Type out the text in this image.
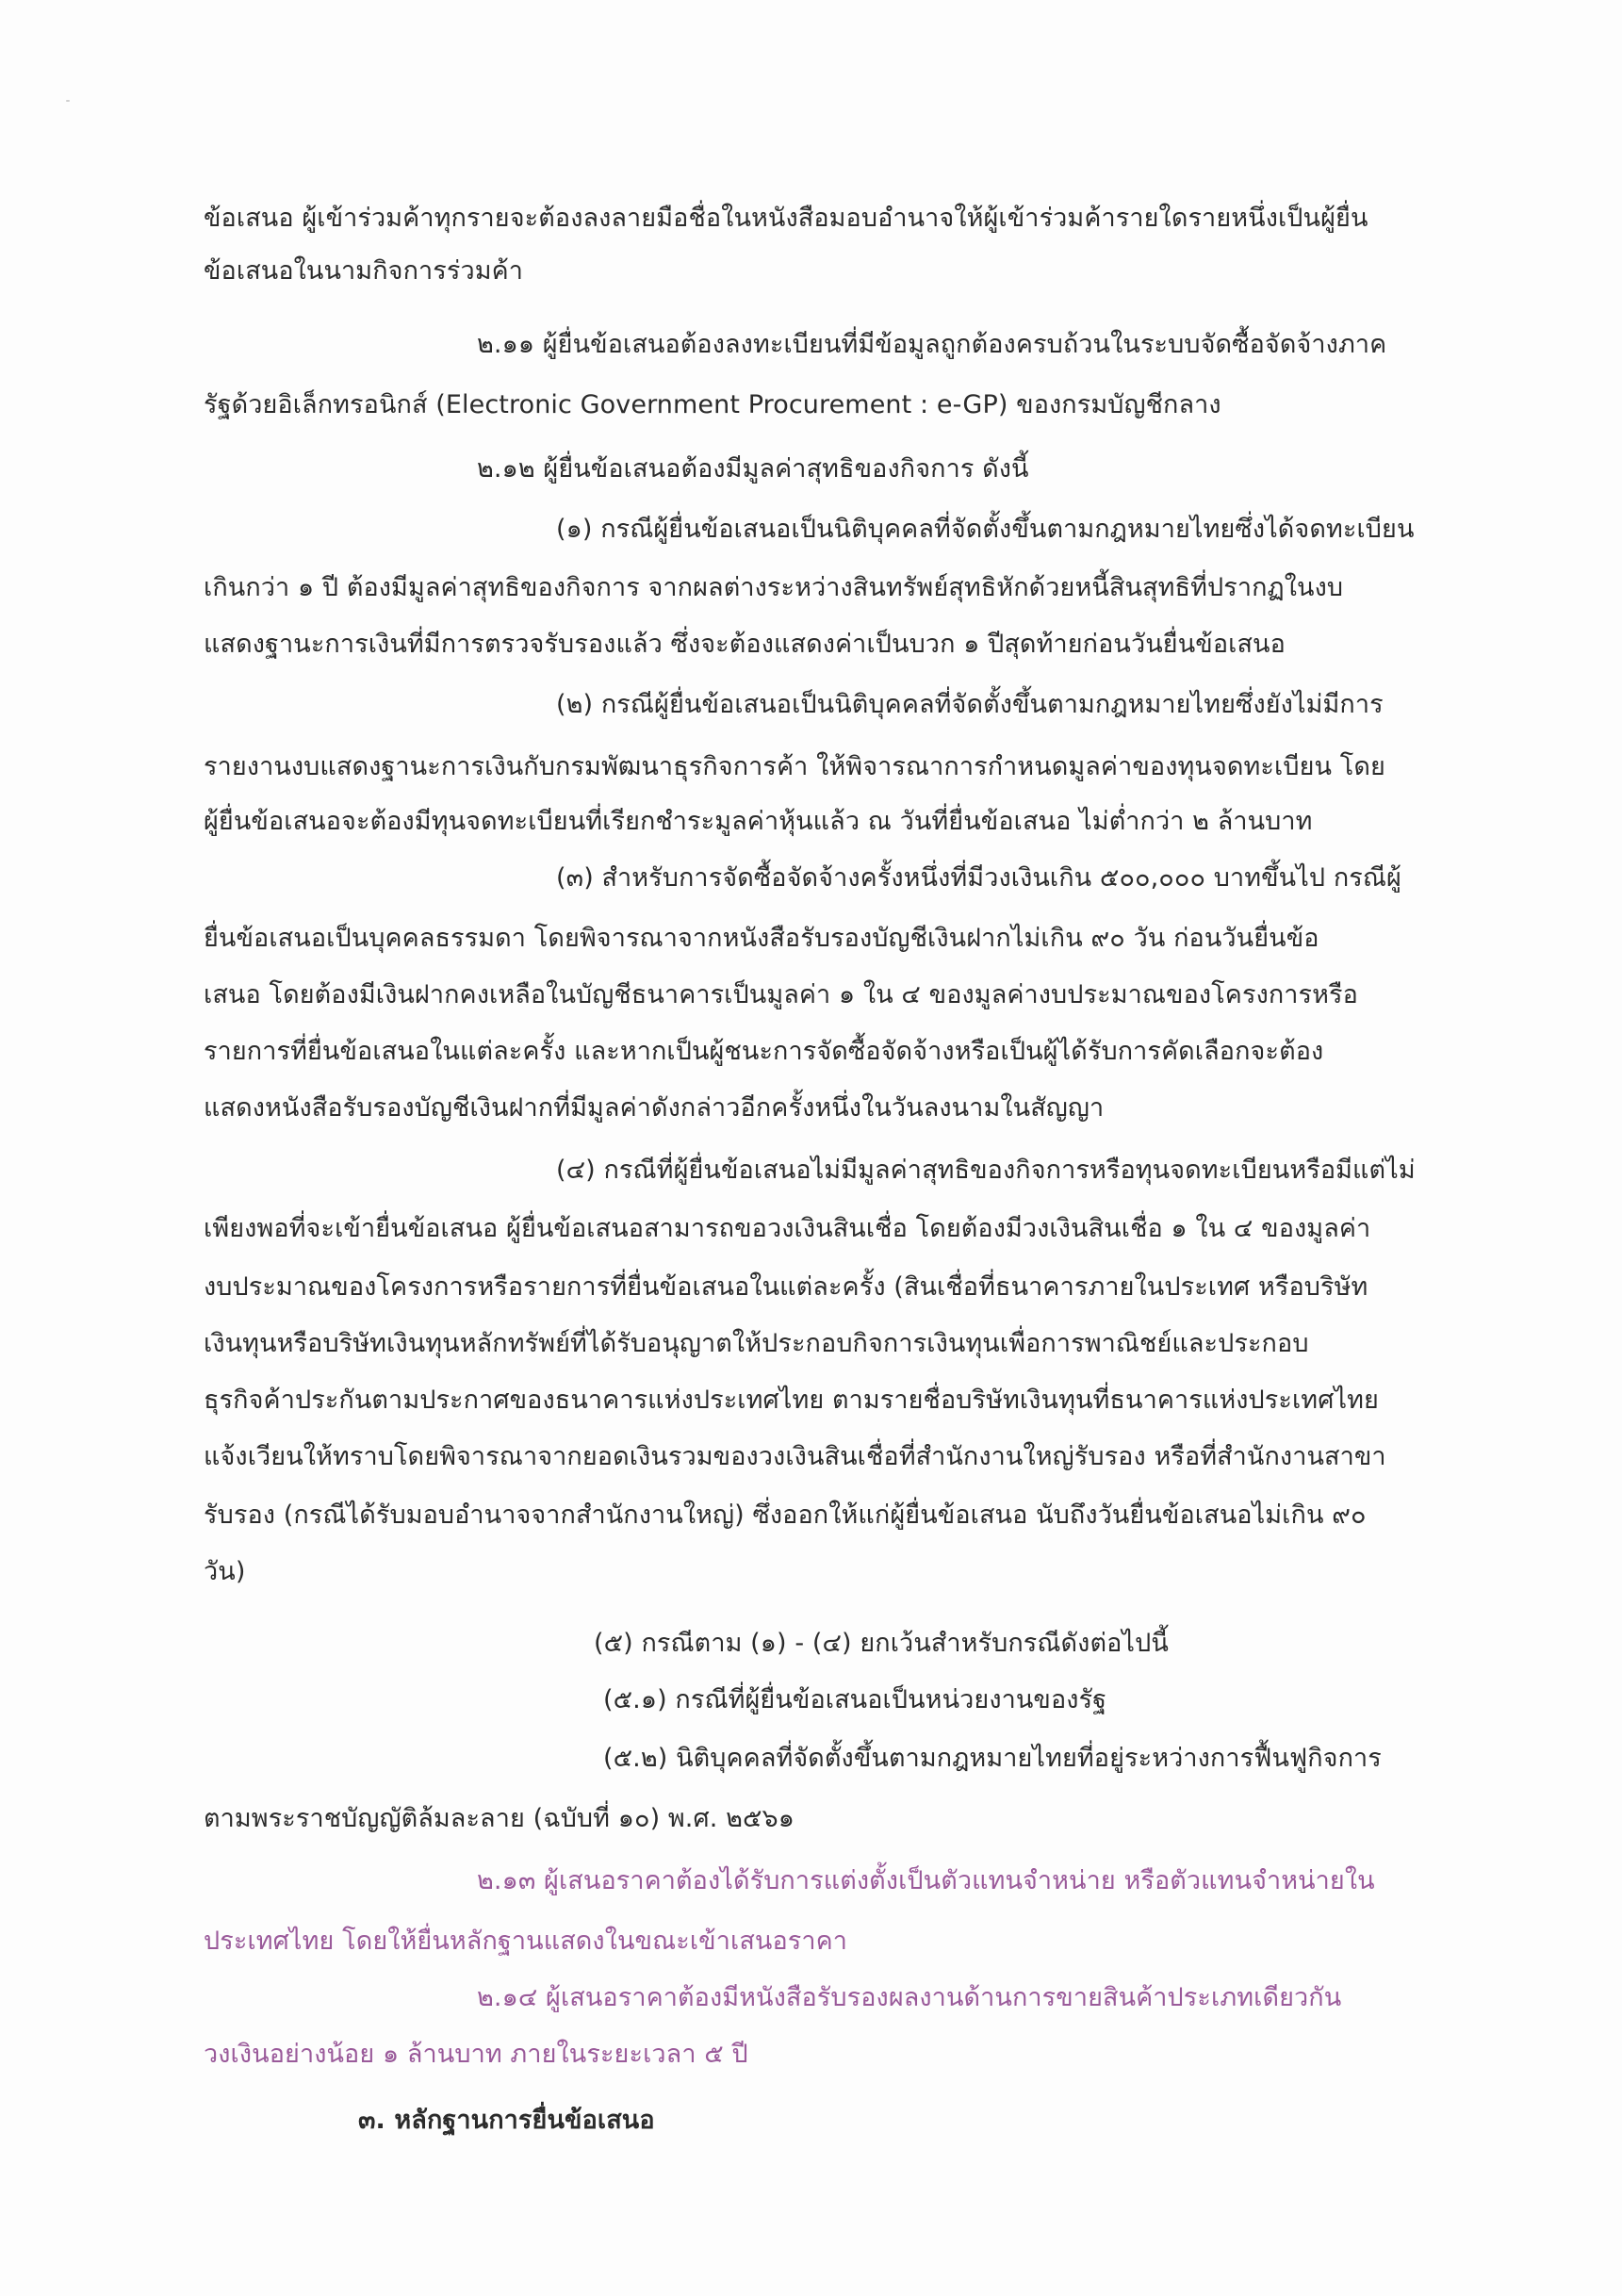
ข้อเสนอ ผู้เข้าร่วมค้าทุกรายจะต้องลงลายมือชื่อในหนังสือมอบอำนาจให้ผู้เข้าร่วมค้ารายใดรายหนึ่งเป็นผู้ยื่น
ข้อเสนอในนามกิจการร่วมค้า
๒.๑๑ ผู้ยื่นข้อเสนอต้องลงทะเบียนที่มีข้อมูลถูกต้องครบถ้วนในระบบจัดซื้อจัดจ้างภาค
รัฐด้วยอิเล็กทรอนิกส์ (Electronic Government Procurement : e-GP) ของกรมบัญชีกลาง
๒.๑๒ ผู้ยื่นข้อเสนอต้องมีมูลค่าสุทธิของกิจการ ดังนี้
(๑) กรณีผู้ยื่นข้อเสนอเป็นนิติบุคคลที่จัดตั้งขึ้นตามกฎหมายไทยซึ่งได้จดทะเบียน
เกินกว่า ๑ ปี ต้องมีมูลค่าสุทธิของกิจการ จากผลต่างระหว่างสินทรัพย์สุทธิหักด้วยหนี้สินสุทธิที่ปรากฏในงบ
แสดงฐานะการเงินที่มีการตรวจรับรองแล้ว ซึ่งจะต้องแสดงค่าเป็นบวก ๑ ปีสุดท้ายก่อนวันยื่นข้อเสนอ
(๒) กรณีผู้ยื่นข้อเสนอเป็นนิติบุคคลที่จัดตั้งขึ้นตามกฎหมายไทยซึ่งยังไม่มีการ
รายงานงบแสดงฐานะการเงินกับกรมพัฒนาธุรกิจการค้า ให้พิจารณาการกำหนดมูลค่าของทุนจดทะเบียน โดย
ผู้ยื่นข้อเสนอจะต้องมีทุนจดทะเบียนที่เรียกชำระมูลค่าหุ้นแล้ว ณ วันที่ยื่นข้อเสนอ ไม่ต่ำกว่า ๒ ล้านบาท
(๓) สำหรับการจัดซื้อจัดจ้างครั้งหนึ่งที่มีวงเงินเกิน ๕๐๐,๐๐๐ บาทขึ้นไป กรณีผู้
ยื่นข้อเสนอเป็นบุคคลธรรมดา โดยพิจารณาจากหนังสือรับรองบัญชีเงินฝากไม่เกิน ๙๐ วัน ก่อนวันยื่นข้อ
เสนอ โดยต้องมีเงินฝากคงเหลือในบัญชีธนาคารเป็นมูลค่า ๑ ใน ๔ ของมูลค่างบประมาณของโครงการหรือ
รายการที่ยื่นข้อเสนอในแต่ละครั้ง และหากเป็นผู้ชนะการจัดซื้อจัดจ้างหรือเป็นผู้ได้รับการคัดเลือกจะต้อง
แสดงหนังสือรับรองบัญชีเงินฝากที่มีมูลค่าดังกล่าวอีกครั้งหนึ่งในวันลงนามในสัญญา
(๔) กรณีที่ผู้ยื่นข้อเสนอไม่มีมูลค่าสุทธิของกิจการหรือทุนจดทะเบียนหรือมีแต่ไม่
เพียงพอที่จะเข้ายื่นข้อเสนอ ผู้ยื่นข้อเสนอสามารถขอวงเงินสินเชื่อ โดยต้องมีวงเงินสินเชื่อ ๑ ใน ๔ ของมูลค่า
งบประมาณของโครงการหรือรายการที่ยื่นข้อเสนอในแต่ละครั้ง (สินเชื่อที่ธนาคารภายในประเทศ หรือบริษัท
เงินทุนหรือบริษัทเงินทุนหลักทรัพย์ที่ได้รับอนุญาตให้ประกอบกิจการเงินทุนเพื่อการพาณิชย์และประกอบ
ธุรกิจค้าประกันตามประกาศของธนาคารแห่งประเทศไทย ตามรายชื่อบริษัทเงินทุนที่ธนาคารแห่งประเทศไทย
แจ้งเวียนให้ทราบโดยพิจารณาจากยอดเงินรวมของวงเงินสินเชื่อที่สำนักงานใหญ่รับรอง หรือที่สำนักงานสาขา
รับรอง (กรณีได้รับมอบอำนาจจากสำนักงานใหญ่) ซึ่งออกให้แก่ผู้ยื่นข้อเสนอ นับถึงวันยื่นข้อเสนอไม่เกิน ๙๐
วัน)
(๕) กรณีตาม (๑) - (๔) ยกเว้นสำหรับกรณีดังต่อไปนี้
(๕.๑) กรณีที่ผู้ยื่นข้อเสนอเป็นหน่วยงานของรัฐ
(๕.๒) นิติบุคคลที่จัดตั้งขึ้นตามกฎหมายไทยที่อยู่ระหว่างการฟื้นฟูกิจการ
ตามพระราชบัญญัติล้มละลาย (ฉบับที่ ๑๐) พ.ศ. ๒๕๖๑
๒.๑๓ ผู้เสนอราคาต้องได้รับการแต่งตั้งเป็นตัวแทนจำหน่าย หรือตัวแทนจำหน่ายใน
ประเทศไทย โดยให้ยื่นหลักฐานแสดงในขณะเข้าเสนอราคา
๒.๑๔ ผู้เสนอราคาต้องมีหนังสือรับรองผลงานด้านการขายสินค้าประเภทเดียวกัน
วงเงินอย่างน้อย ๑ ล้านบาท ภายในระยะเวลา ๕ ปี
๓. หลักฐานการยื่นข้อเสนอ
